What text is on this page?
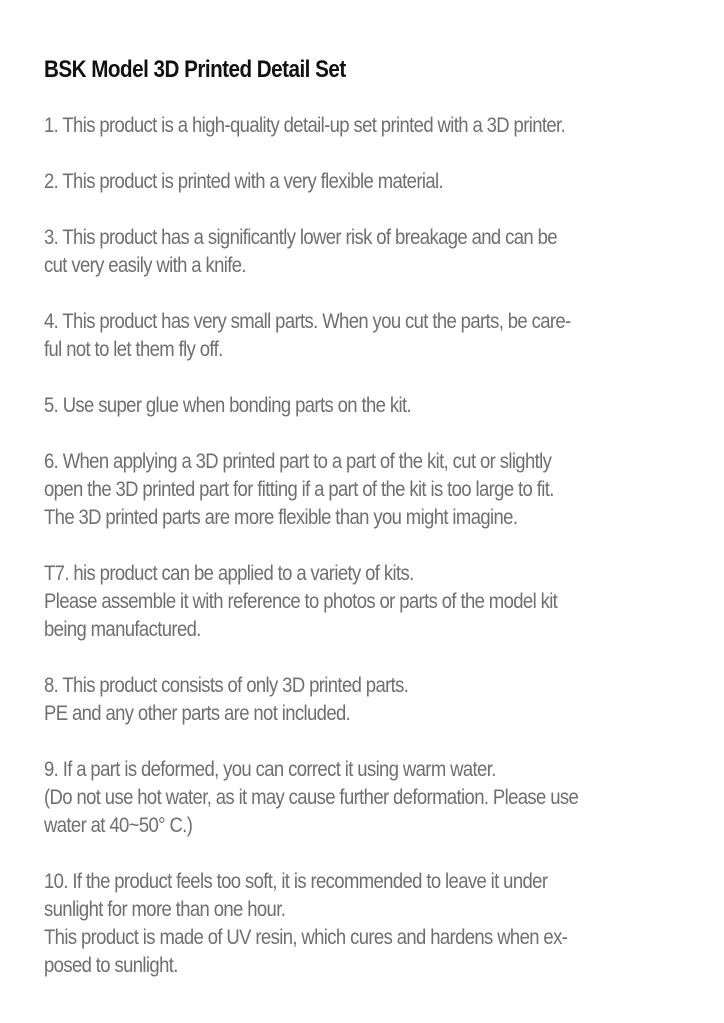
BSK Model 3D Printed Detail Set
1. This product is a high-quality detail-up set printed with a 3D printer.
2. This product is printed with a very flexible material.
3. This product has a significantly lower risk of breakage and can be
cut very easily with a knife.
4. This product has very small parts. When you cut the parts, be care-
ful not to let them fly off.
5. Use super glue when bonding parts on the kit.
6. When applying a 3D printed part to a part of the kit, cut or slightly
open the 3D printed part for fitting if a part of the kit is too large to fit.
The 3D printed parts are more flexible than you might imagine.
T7. his product can be applied to a variety of kits.
Please assemble it with reference to photos or parts of the model kit
being manufactured.
8. This product consists of only 3D printed parts.
PE and any other parts are not included.
9. If a part is deformed, you can correct it using warm water.
(Do not use hot water, as it may cause further deformation. Please use
water at 40~50° C.)
10. If the product feels too soft, it is recommended to leave it under
sunlight for more than one hour.
This product is made of UV resin, which cures and hardens when ex-
posed to sunlight.
